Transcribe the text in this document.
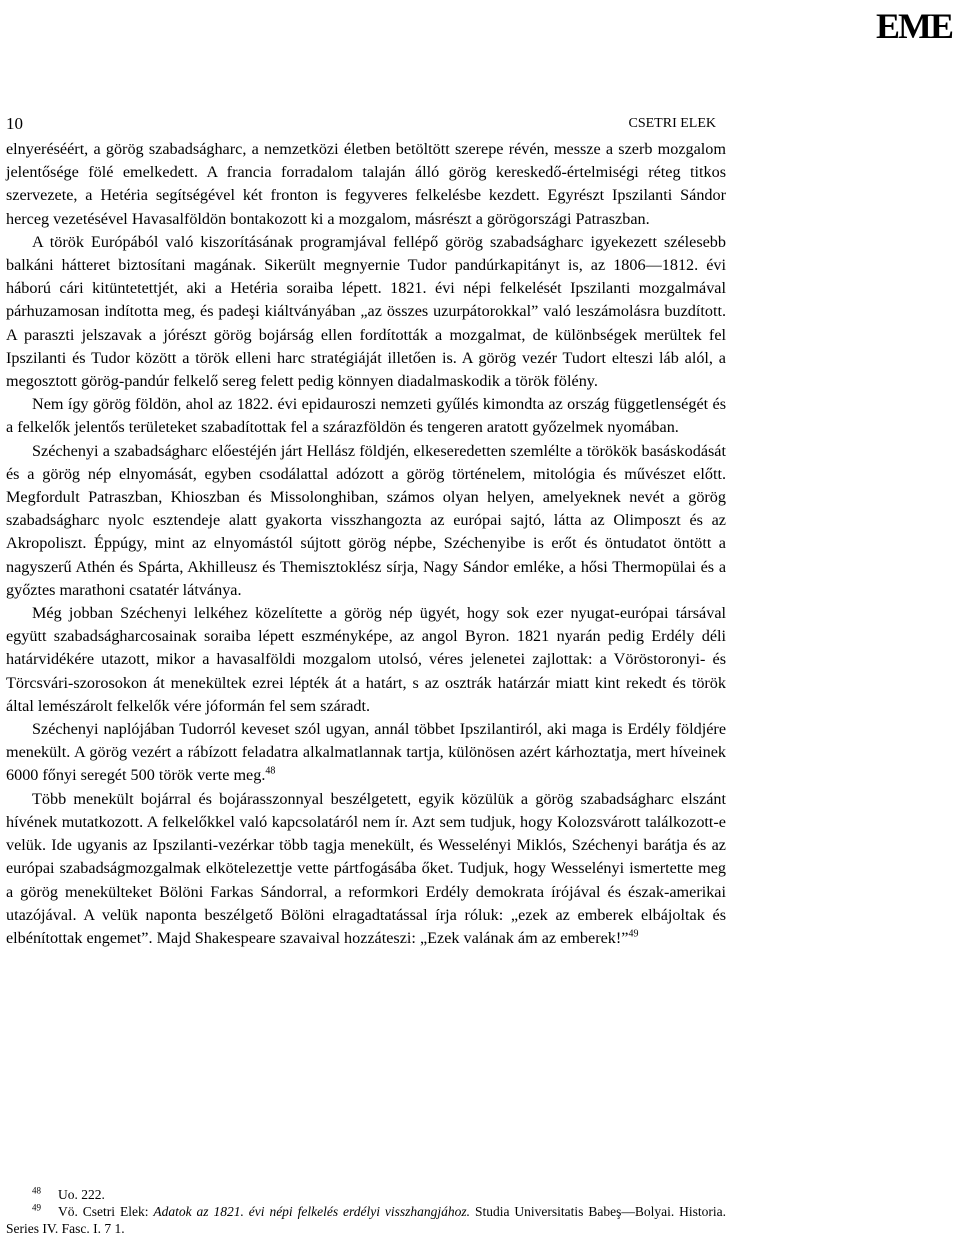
EME
10	CSETRI ELEK

elnyeréséért, a görög szabadságharc, a nemzetközi életben betöltött szerepe révén, messze a szerb mozgalom jelentősége fölé emelkedett. A francia forradalom talaján álló görög kereskedő-értelmiségi réteg titkos szervezete, a Hetéria segítségével két fronton is fegyveres felkelésbe kezdett. Egyrészt Ipszilanti Sándor herceg vezetésével Havasalföldön bontakozott ki a mozgalom, másrészt a görögországi Patraszban.

A török Európából való kiszorításának programjával fellépő görög szabadságharc igyekezett szélesebb balkáni hátteret biztosítani magának. Sikerült megnyernie Tudor pandúrkapitányt is, az 1806—1812. évi háború cári kitüntetettjét, aki a Hetéria soraiba lépett. 1821. évi népi felkelését Ipszilanti mozgalmával párhuzamosan indította meg, és padeşi kiáltványában „az összes uzurpátorokkal” való leszámolásra buzdított. A paraszti jelszavak a jórészt görög bojárság ellen fordították a mozgalmat, de különbségek merültek fel Ipszilanti és Tudor között a török elleni harc stratégiáját illetően is. A görög vezér Tudort elteszi láb alól, a megosztott görög-pandúr felkelő sereg felett pedig könnyen diadalmaskodik a török fölény.

Nem így görög földön, ahol az 1822. évi epidauroszi nemzeti gyűlés kimondta az ország függetlenségét és a felkelők jelentős területeket szabadítottak fel a szárazföldön és tengeren aratott győzelmek nyomában.

Széchenyi a szabadságharc előestéjén járt Hellász földjén, elkeseredetten szemlélte a törökök basáskodását és a görög nép elnyomását, egyben csodálattal adózott a görög történelem, mitológia és művészet előtt. Megfordult Patraszban, Khioszban és Missolonghiban, számos olyan helyen, amelyeknek nevét a görög szabadságharc nyolc esztendeje alatt gyakorta visszhangozta az európai sajtó, látta az Olimposzt és az Akropoliszt. Éppúgy, mint az elnyomástól sújtott görög népbe, Széchenyibe is erőt és öntudatot öntött a nagyszerű Athén és Spárta, Akhilleusz és Themisztoklész sírja, Nagy Sándor emléke, a hősi Thermopülai és a győztes marathoni csatatér látványa.

Még jobban Széchenyi lelkéhez közelítette a görög nép ügyét, hogy sok ezer nyugat-európai társával együtt szabadságharcosainak soraiba lépett eszményképe, az angol Byron. 1821 nyarán pedig Erdély déli határvidékére utazott, mikor a havasalföldi mozgalom utolsó, véres jelenetei zajlottak: a Vöröstoronyi- és Törcsvári-szorosokon át menekültek ezrei lépték át a határt, s az osztrák határzár miatt kint rekedt és török által lemészárolt felkelők vére jóformán fel sem száradt.

Széchenyi naplójában Tudorról keveset szól ugyan, annál többet Ipszilantiról, aki maga is Erdély földjére menekült. A görög vezért a rábízott feladatra alkalmatlannak tartja, különösen azért kárhoztatja, mert híveinek 6000 főnyi seregét 500 török verte meg.$^{48}$

Több menekült bojárral és bojárasszonnyal beszélgetett, egyik közülük a görög szabadságharc elszánt hívének mutatkozott. A felkelőkkel való kapcsolatáról nem ír. Azt sem tudjuk, hogy Kolozsvárott találkozott-e velük. Ide ugyanis az Ipszilanti-vezérkar több tagja menekült, és Wesselényi Miklós, Széchenyi barátja és az európai szabadságmozgalmak elkötelezettje vette pártfogásába őket. Tudjuk, hogy Wesselényi ismertette meg a görög menekülteket Bölöni Farkas Sándorral, a reformkori Erdély demokrata írójával és észak-amerikai utazójával. A velük naponta beszélgető Bölöni elragadtatással írja róluk: „ezek az emberek elbájoltak és elbénítottak engemet”. Majd Shakespeare szavaival hozzáteszi: „Ezek valának ám az emberek!”$^{49}$

$^{48}$ Uo. 222.

$^{49}$ Vö. Csetri Elek: Adatok az 1821. évi népi felkelés erdélyi visszhangjához. Studia Universitatis Babeş—Bolyai. Historia. Series IV. Fasc. I. 7 1.
